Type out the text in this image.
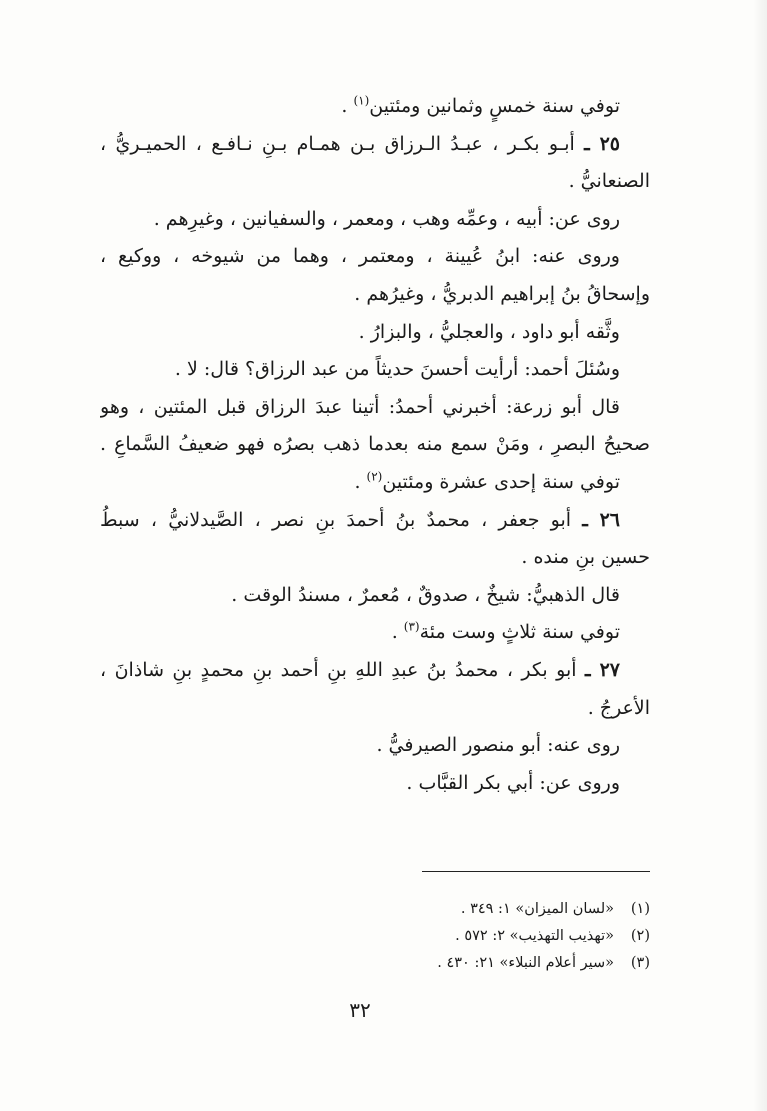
توفي سنة خمسٍ وثمانين ومئتين$^{(١)}$ .
٢٥ ـ أبـو بكـر ، عبـدُ الـرزاق بـن همـام بـنِ نـافـع ، الحميـريُّ ،
الصنعانيُّ .
روى عن: أبيه ، وعمِّه وهب ، ومعمر ، والسفيانين ، وغيرِهم .
وروى عنه: ابنُ عُيينة ، ومعتمر ، وهما من شيوخه ، ووكيع ،
وإسحاقُ بنُ إبراهيم الدبريُّ ، وغيرُهم .
وثَّقه أبو داود ، والعجليُّ ، والبزارُ .
وسُئلَ أحمد: أرأيت أحسنَ حديثاً من عبد الرزاق؟ قال: لا .
قال أبو زرعة: أخبرني أحمدُ: أتينا عبدَ الرزاق قبل المئتين ، وهو
صحيحُ البصرِ ، ومَنْ سمع منه بعدما ذهب بصرُه فهو ضعيفُ السَّماعِ .
توفي سنة إحدى عشرة ومئتين$^{(٢)}$ .
٢٦ ـ أبو جعفر ، محمدٌ بنُ أحمدَ بنِ نصر ، الصَّيدلانيُّ ، سبطُ
حسين بنِ منده .
قال الذهبيُّ: شيخٌ ، صدوقٌ ، مُعمرٌ ، مسندُ الوقت .
توفي سنة ثلاثٍ وست مئة$^{(٣)}$ .
٢٧ ـ أبو بكر ، محمدُ بنُ عبدِ اللهِ بنِ أحمد بنِ محمدٍ بنِ شاذانَ ،
الأعرجُ .
روى عنه: أبو منصور الصيرفيُّ .
وروى عن: أبي بكر القبَّاب .
(١)«لسان الميزان» ١: ٣٤٩ .
(٢)«تهذيب التهذيب» ٢: ٥٧٢ .
(٣)«سير أعلام النبلاء» ٢١: ٤٣٠ .
٣٢
